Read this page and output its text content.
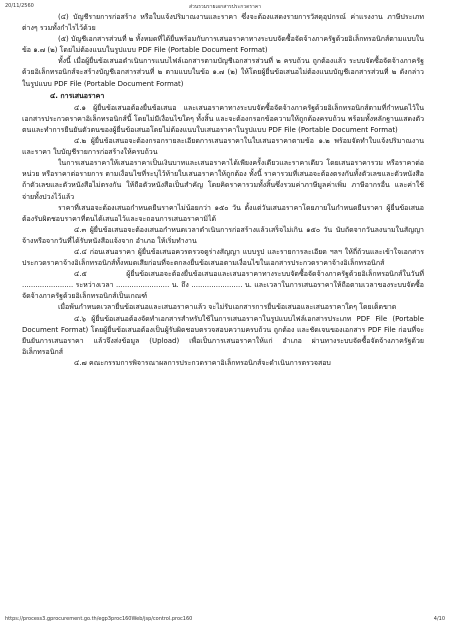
20/11/2560	ส่วนรวมรายเอกสารประกวดราคา

(๔) บัญชีรายการก่อสร้าง หรือใบแจ้งปริมาณงานและราคา ซึ่งจะต้องแสดงรายการวัสดุอุปกรณ์ ค่าแรงงาน ภาษีประเภทต่างๆ รวมทั้งกำไรไว้ด้วย

(๕) บัญชีเอกสารส่วนที่ ๒ ทั้งหมดที่ได้ยื่นพร้อมกับการเสนอราคาทางระบบจัดซื้อจัดจ้างภาครัฐด้วยอิเล็กทรอนิกส์ตามแบบในข้อ ๑.๗ (๒) โดยไม่ต้องแนบในรูปแบบ PDF File (Portable Document Format)

ทั้งนี้ เมื่อผู้ยื่นข้อเสนอดำเนินการแนบไฟล์เอกสารตามบัญชีเอกสารส่วนที่ ๒ ครบถ้วน ถูกต้องแล้ว ระบบจัดซื้อจัดจ้างภาครัฐด้วยอิเล็กทรอนิกส์จะสร้างบัญชีเอกสารส่วนที่ ๒ ตามแบบในข้อ ๑.๗ (๒) ให้โดยผู้ยื่นข้อเสนอไม่ต้องแนบบัญชีเอกสารส่วนที่ ๒ ดังกล่าวในรูปแบบ PDF File (Portable Document Format)

๔. การเสนอราคา

๔.๑ ผู้ยื่นข้อเสนอต้องยื่นข้อเสนอ และเสนอราคาทางระบบจัดซื้อจัดจ้างภาครัฐด้วยอิเล็กทรอนิกส์ตามที่กำหนดไว้ในเอกสารประกวดราคาอิเล็กทรอนิกส์นี้ โดยไม่มีเงื่อนไขใดๆ ทั้งสิ้น และจะต้องกรอกข้อความให้ถูกต้องครบถ้วน พร้อมทั้งหลักฐานแสดงตัวตนและทำการยืนยันตัวตนของผู้ยื่นข้อเสนอโดยไม่ต้องแนบใบเสนอราคาในรูปแบบ PDF File (Portable Document Format)

๔.๒ ผู้ยื่นข้อเสนอจะต้องกรอกรายละเอียดการเสนอราคาในใบเสนอราคาตามข้อ ๑.๒ พร้อมจัดทำใบแจ้งปริมาณงานและราคา ใบบัญชีรายการก่อสร้างให้ครบถ้วน

ในการเสนอราคาให้เสนอราคาเป็นเงินบาทและเสนอราคาได้เพียงครั้งเดียวและราคาเดียว โดยเสนอราคารวม หรือราคาต่อหน่วย หรือราคาต่อรายการ ตามเงื่อนไขที่ระบุไว้ท้ายใบเสนอราคาให้ถูกต้อง ทั้งนี้ ราคารวมที่เสนอจะต้องตรงกันทั้งตัวเลขและตัวหนังสือ ถ้าตัวเลขและตัวหนังสือไม่ตรงกัน ให้ถือตัวหนังสือเป็นสำคัญ โดยคิดราคารวมทั้งสิ้นซึ่งรวมค่าภาษีมูลค่าเพิ่ม ภาษีอากรอื่น และค่าใช้จ่ายทั้งปวงไว้แล้ว

ราคาที่เสนอจะต้องเสนอกำหนดยืนราคาไม่น้อยกว่า ๑๕๐ วัน ตั้งแต่วันเสนอราคาโดยภายในกำหนดยืนราคา ผู้ยื่นข้อเสนอต้องรับผิดชอบราคาที่ตนได้เสนอไว้และจะถอนการเสนอราคามิได้

๔.๓ ผู้ยื่นข้อเสนอจะต้องเสนอกำหนดเวลาดำเนินการก่อสร้างแล้วเสร็จไม่เกิน ๑๕๐ วัน นับถัดจากวันลงนามในสัญญาจ้างหรือจากวันที่ได้รับหนังสือแจ้งจาก อำเภอ ให้เริ่มทำงาน

๔.๔ ก่อนเสนอราคา ผู้ยื่นข้อเสนอควรตรวจดูร่างสัญญา แบบรูป และรายการละเอียด ฯลฯ ให้ถี่ถ้วนและเข้าใจเอกสารประกวดราคาจ้างอิเล็กทรอนิกส์ทั้งหมดเสียก่อนที่จะตกลงยื่นข้อเสนอตามเงื่อนไขในเอกสารประกวดราคาจ้างอิเล็กทรอนิกส์

๔.๕ ผู้ยื่นข้อเสนอจะต้องยื่นข้อเสนอและเสนอราคาทางระบบจัดซื้อจัดจ้างภาครัฐด้วยอิเล็กทรอนิกส์ในวันที่ ....................... ระหว่างเวลา ........................ น. ถึง ....................... น. และเวลาในการเสนอราคาให้ถือตามเวลาของระบบจัดซื้อจัดจ้างภาครัฐด้วยอิเล็กทรอนิกส์เป็นเกณฑ์

เมื่อพ้นกำหนดเวลายื่นข้อเสนอและเสนอราคาแล้ว จะไม่รับเอกสารการยื่นข้อเสนอและเสนอราคาใดๆ โดยเด็ดขาด

๔.๖ ผู้ยื่นข้อเสนอต้องจัดทำเอกสารสำหรับใช้ในการเสนอราคาในรูปแบบไฟล์เอกสารประเภท PDF File (Portable Document Format) โดยผู้ยื่นข้อเสนอต้องเป็นผู้รับผิดชอบตรวจสอบความครบถ้วน ถูกต้อง และชัดเจนของเอกสาร PDF File ก่อนที่จะยืนยันการเสนอราคา แล้วจึงส่งข้อมูล (Upload) เพื่อเป็นการเสนอราคาให้แก่ อำเภอ ผ่านทางระบบจัดซื้อจัดจ้างภาครัฐด้วยอิเล็กทรอนิกส์

๔.๗ คณะกรรมการพิจารณาผลการประกวดราคาอิเล็กทรอนิกส์จะดำเนินการตรวจสอบ

https://process3.gprocurement.go.th/egp3proc160Web/jsp/control.proc160	4/10
